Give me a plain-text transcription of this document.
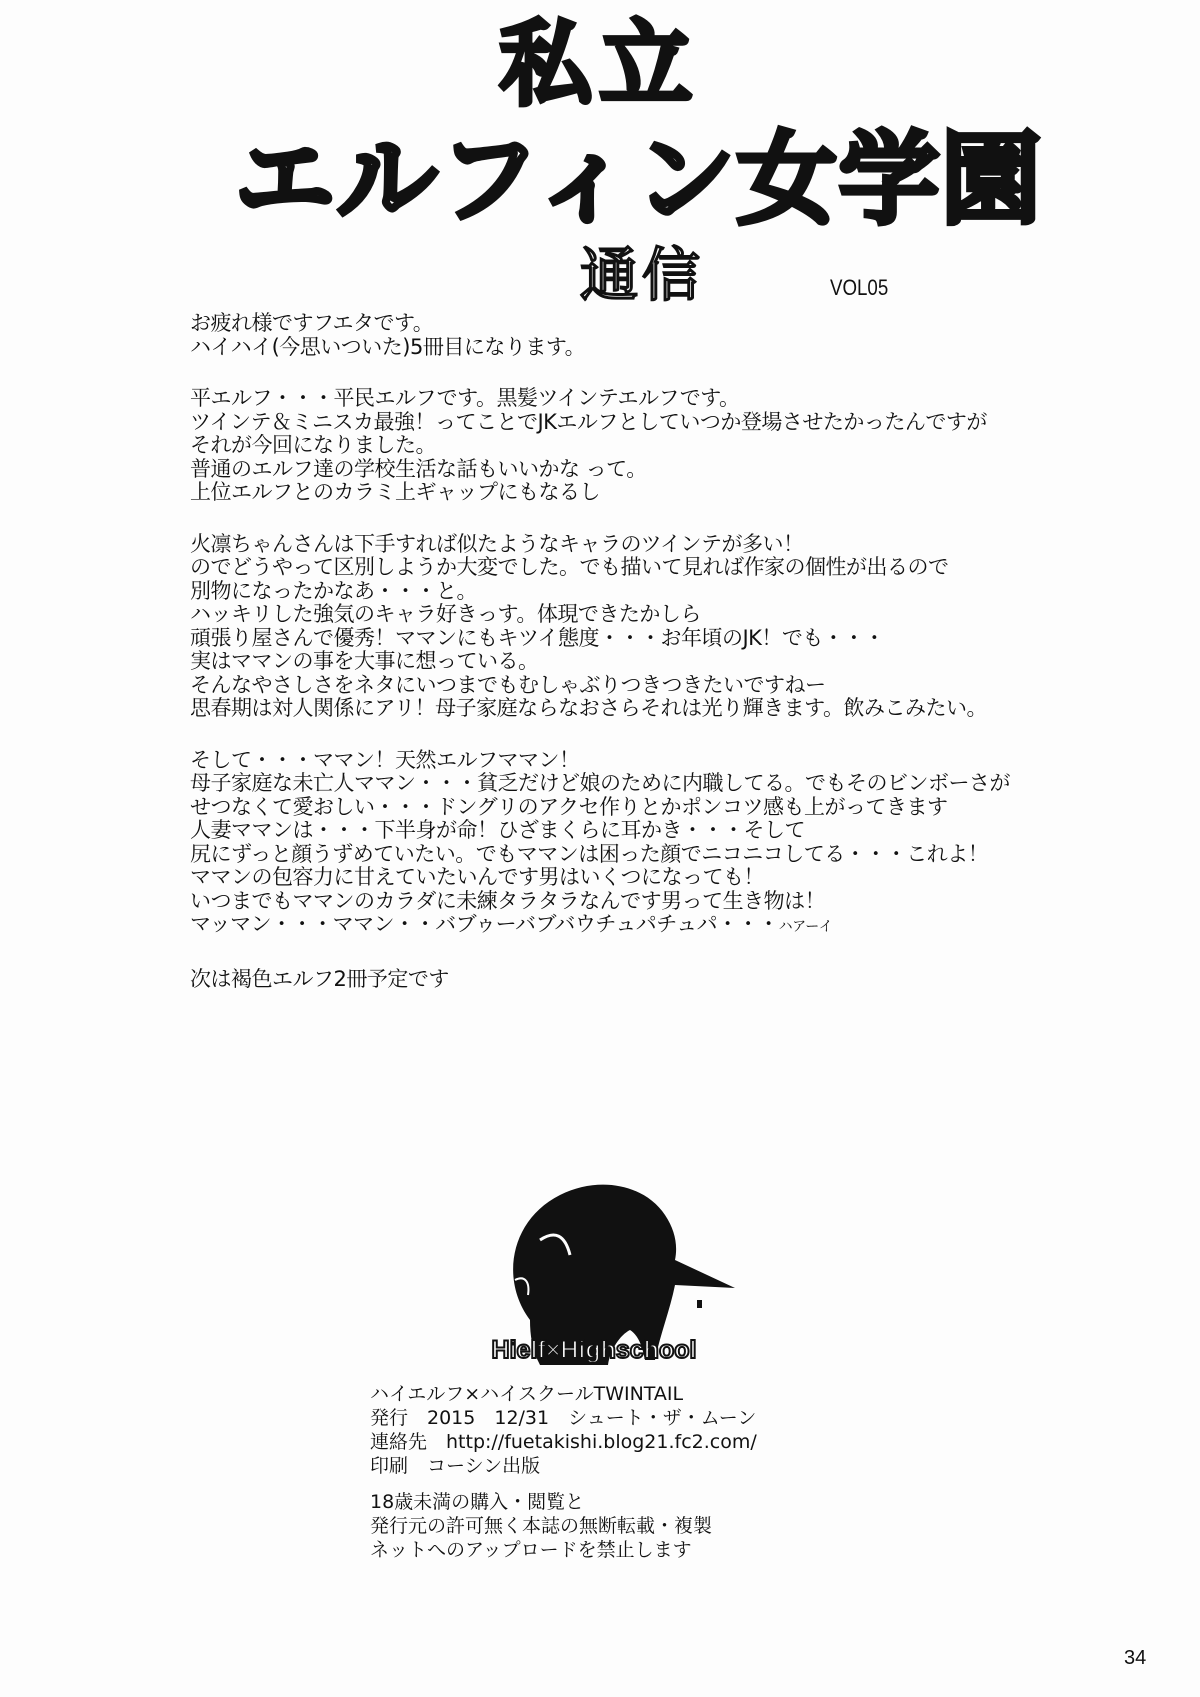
私立
エルフィン女学園
通信	VOL05
お疲れ様ですフエタです。
ハイハイ(今思いついた)5冊目になります。
平エルフ・・・平民エルフです。黒髪ツインテエルフです。
ツインテ＆ミニスカ最強！ってことでJKエルフとしていつか登場させたかったんですが
それが今回になりました。
普通のエルフ達の学校生活な話もいいかな って。
上位エルフとのカラミ上ギャップにもなるし
火凛ちゃんさんは下手すれば似たようなキャラのツインテが多い！
のでどうやって区別しようか大変でした。でも描いて見れば作家の個性が出るので
別物になったかなあ・・・と。
ハッキリした強気のキャラ好きっす。体現できたかしら
頑張り屋さんで優秀！ママンにもキツイ態度・・・お年頃のJK！でも・・・
実はママンの事を大事に想っている。
そんなやさしさをネタにいつまでもむしゃぶりつきつきたいですねー
思春期は対人関係にアリ！母子家庭ならなおさらそれは光り輝きます。飲みこみたい。
そして・・・ママン！天然エルフママン！
母子家庭な未亡人ママン・・・貧乏だけど娘のために内職してる。でもそのビンボーさが
せつなくて愛おしい・・・ドングリのアクセ作りとかポンコツ感も上がってきます
人妻ママンは・・・下半身が命！ひざまくらに耳かき・・・そして
尻にずっと顔うずめていたい。でもママンは困った顔でニコニコしてる・・・これよ！
ママンの包容力に甘えていたいんです男はいくつになっても！
いつまでもママンのカラダに未練タラタラなんです男って生き物は！
マッマン・・・ママン・・バブゥーバブバウチュパチュパ・・・ハアーイ
次は褐色エルフ2冊予定です
Hielf×Highschool
ハイエルフ×ハイスクールTWINTAIL
発行　2015　12/31　シュート・ザ・ムーン
連絡先　http://fuetakishi.blog21.fc2.com/
印刷　コーシン出版
18歳未満の購入・閲覧と
発行元の許可無く本誌の無断転載・複製
ネットへのアップロードを禁止します
34
